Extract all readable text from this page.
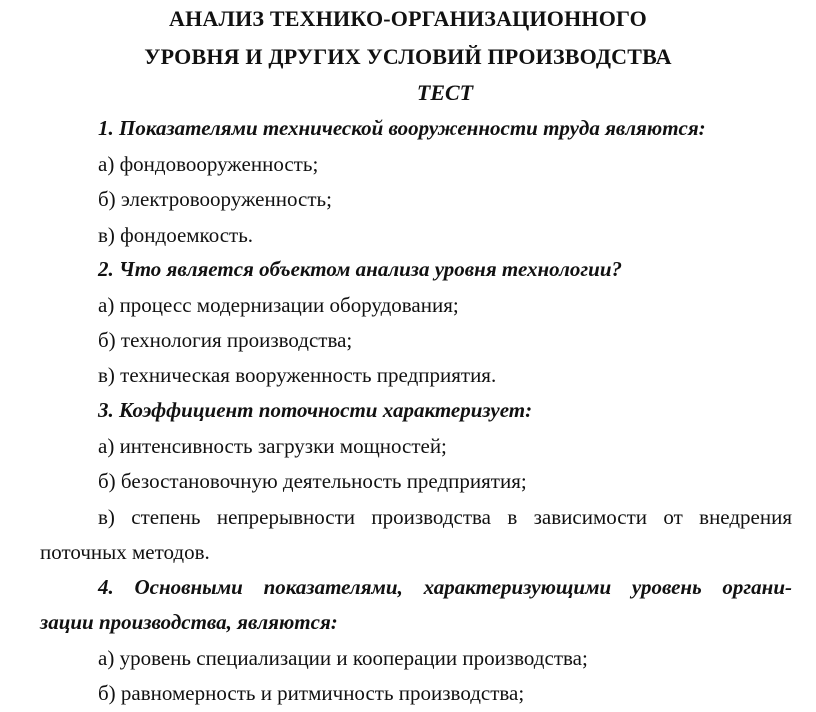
АНАЛИЗ ТЕХНИКО-ОРГАНИЗАЦИОННОГО
УРОВНЯ И ДРУГИХ УСЛОВИЙ ПРОИЗВОДСТВА
ТЕСТ
1. Показателями технической вооруженности труда являются:
а) фондовооруженность;
б) электровооруженность;
в) фондоемкость.
2. Что является объектом анализа уровня технологии?
а) процесс модернизации оборудования;
б) технология производства;
в) техническая вооруженность предприятия.
3. Коэффициент поточности характеризует:
а) интенсивность загрузки мощностей;
б) безостановочную деятельность предприятия;
в) степень непрерывности производства в зависимости от внедрения
поточных методов.
4. Основными показателями, характеризующими уровень органи-
зации производства, являются:
а) уровень специализации и кооперации производства;
б) равномерность и ритмичность производства;
